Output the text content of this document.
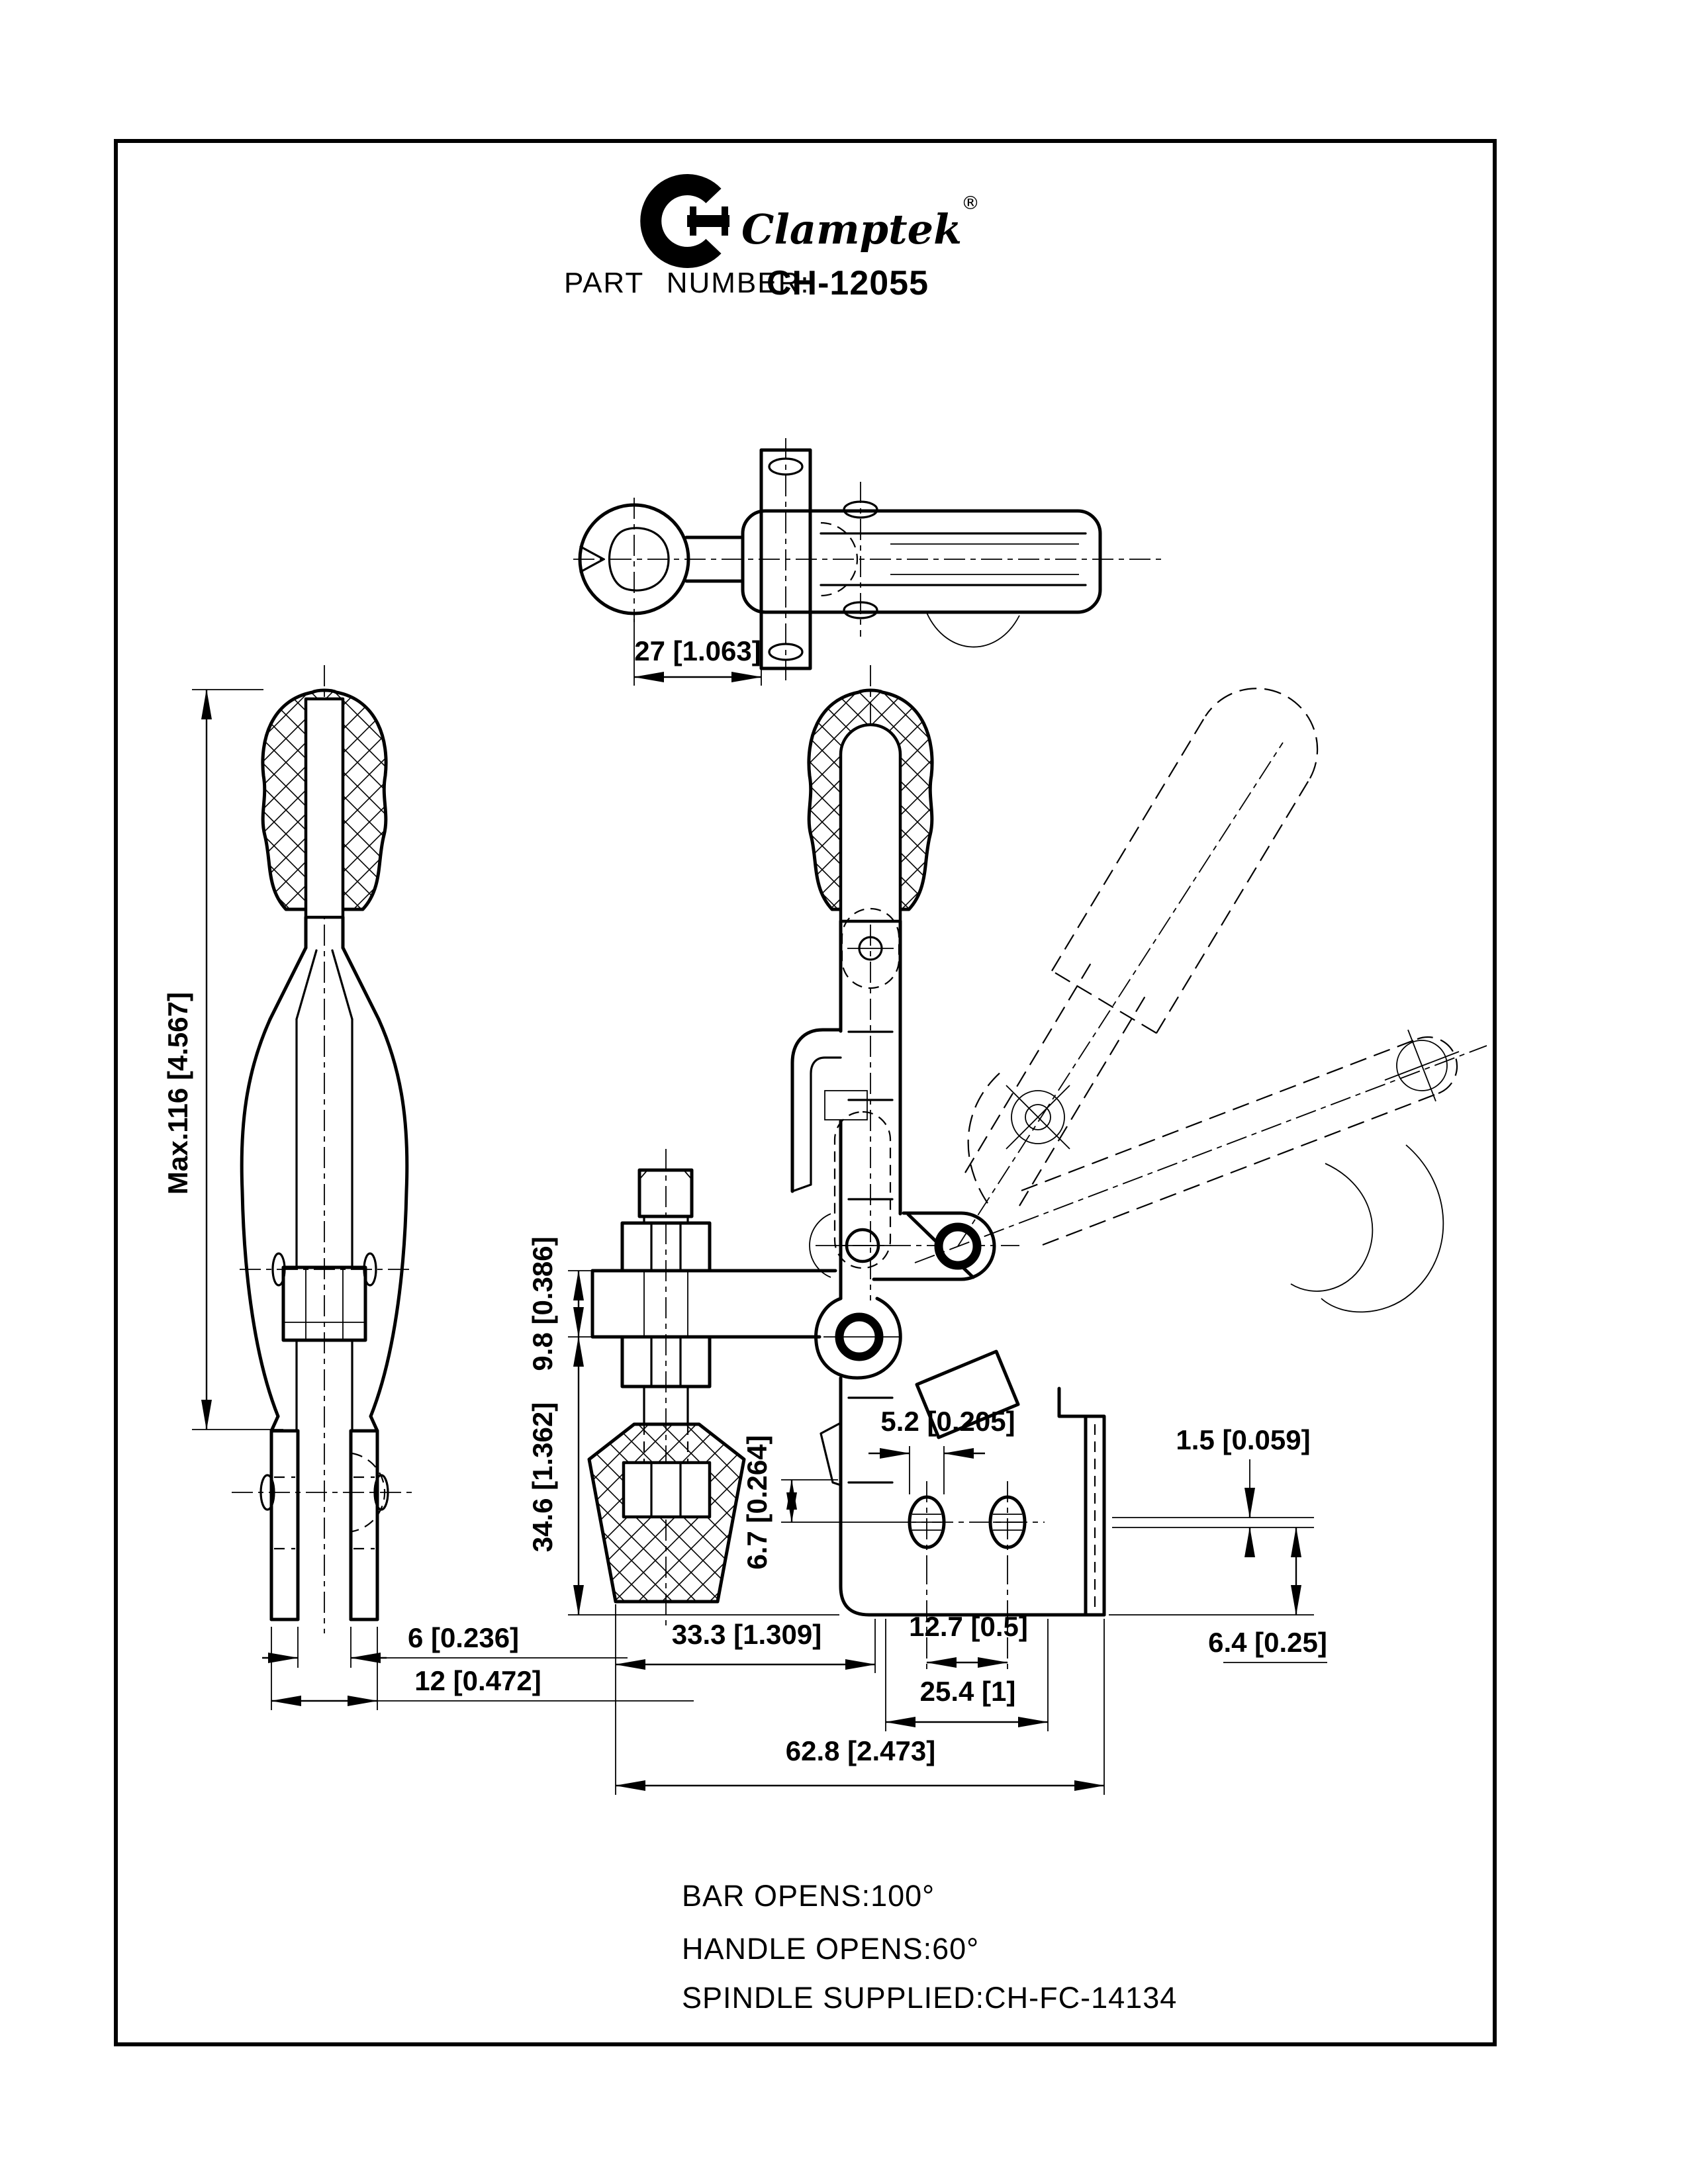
Clamptek
®
PART NUMBER:
CH-12055
27 [1.063]
Max.116 [4.567]
6 [0.236]
12 [0.472]
9.8 [0.386]
34.6 [1.362]	6.7 [0.264]
5.2 [0.205]
1.5 [0.059]
6.4 [0.25]
33.3 [1.309]	12.7 [0.5]
25.4 [1]
62.8 [2.473]
BAR OPENS:100°
HANDLE OPENS:60°
SPINDLE SUPPLIED:CH-FC-14134
